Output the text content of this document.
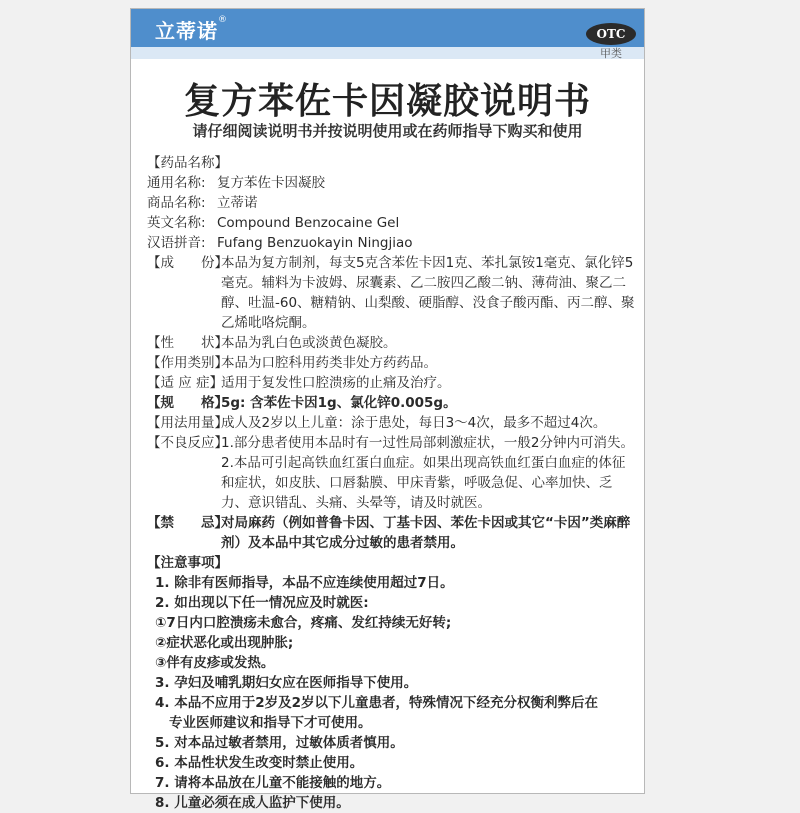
立蒂诺®
OTC
甲类
复方苯佐卡因凝胶说明书
请仔细阅读说明书并按说明使用或在药师指导下购买和使用
【药品名称】
通用名称: 复方苯佐卡因凝胶
商品名称: 立蒂诺
英文名称: Compound Benzocaine Gel
汉语拼音: Fufang Benzuokayin Ningjiao
【成　　份】
本品为复方制剂，每支5克含苯佐卡因1克、苯扎氯铵1毫克、氯化锌5毫克。辅料为卡波姆、尿囊素、乙二胺四乙酸二钠、薄荷油、聚乙二醇、吐温-60、糖精钠、山梨酸、硬脂醇、没食子酸丙酯、丙二醇、聚乙烯吡咯烷酮。
【性　　状】
本品为乳白色或淡黄色凝胶。
【作用类别】
本品为口腔科用药类非处方药药品。
【适 应 症】
适用于复发性口腔溃疡的止痛及治疗。
【规　　格】
5g: 含苯佐卡因1g、氯化锌0.005g。
【用法用量】
成人及2岁以上儿童：涂于患处，每日3～4次，最多不超过4次。
【不良反应】
1.部分患者使用本品时有一过性局部刺激症状，一般2分钟内可消失。2.本品可引起高铁血红蛋白血症。如果出现高铁血红蛋白血症的体征和症状，如皮肤、口唇黏膜、甲床青紫，呼吸急促、心率加快、乏力、意识错乱、头痛、头晕等，请及时就医。
【禁　　忌】
对局麻药（例如普鲁卡因、丁基卡因、苯佐卡因或其它“卡因”类麻醉剂）及本品中其它成分过敏的患者禁用。
【注意事项】
1. 除非有医师指导，本品不应连续使用超过7日。
2. 如出现以下任一情况应及时就医:
①7日内口腔溃疡未愈合，疼痛、发红持续无好转;
②症状恶化或出现肿胀;
③伴有皮疹或发热。
3. 孕妇及哺乳期妇女应在医师指导下使用。
4. 本品不应用于2岁及2岁以下儿童患者，特殊情况下经充分权衡利弊后在
专业医师建议和指导下才可使用。
5. 对本品过敏者禁用，过敏体质者慎用。
6. 本品性状发生改变时禁止使用。
7. 请将本品放在儿童不能接触的地方。
8. 儿童必须在成人监护下使用。
